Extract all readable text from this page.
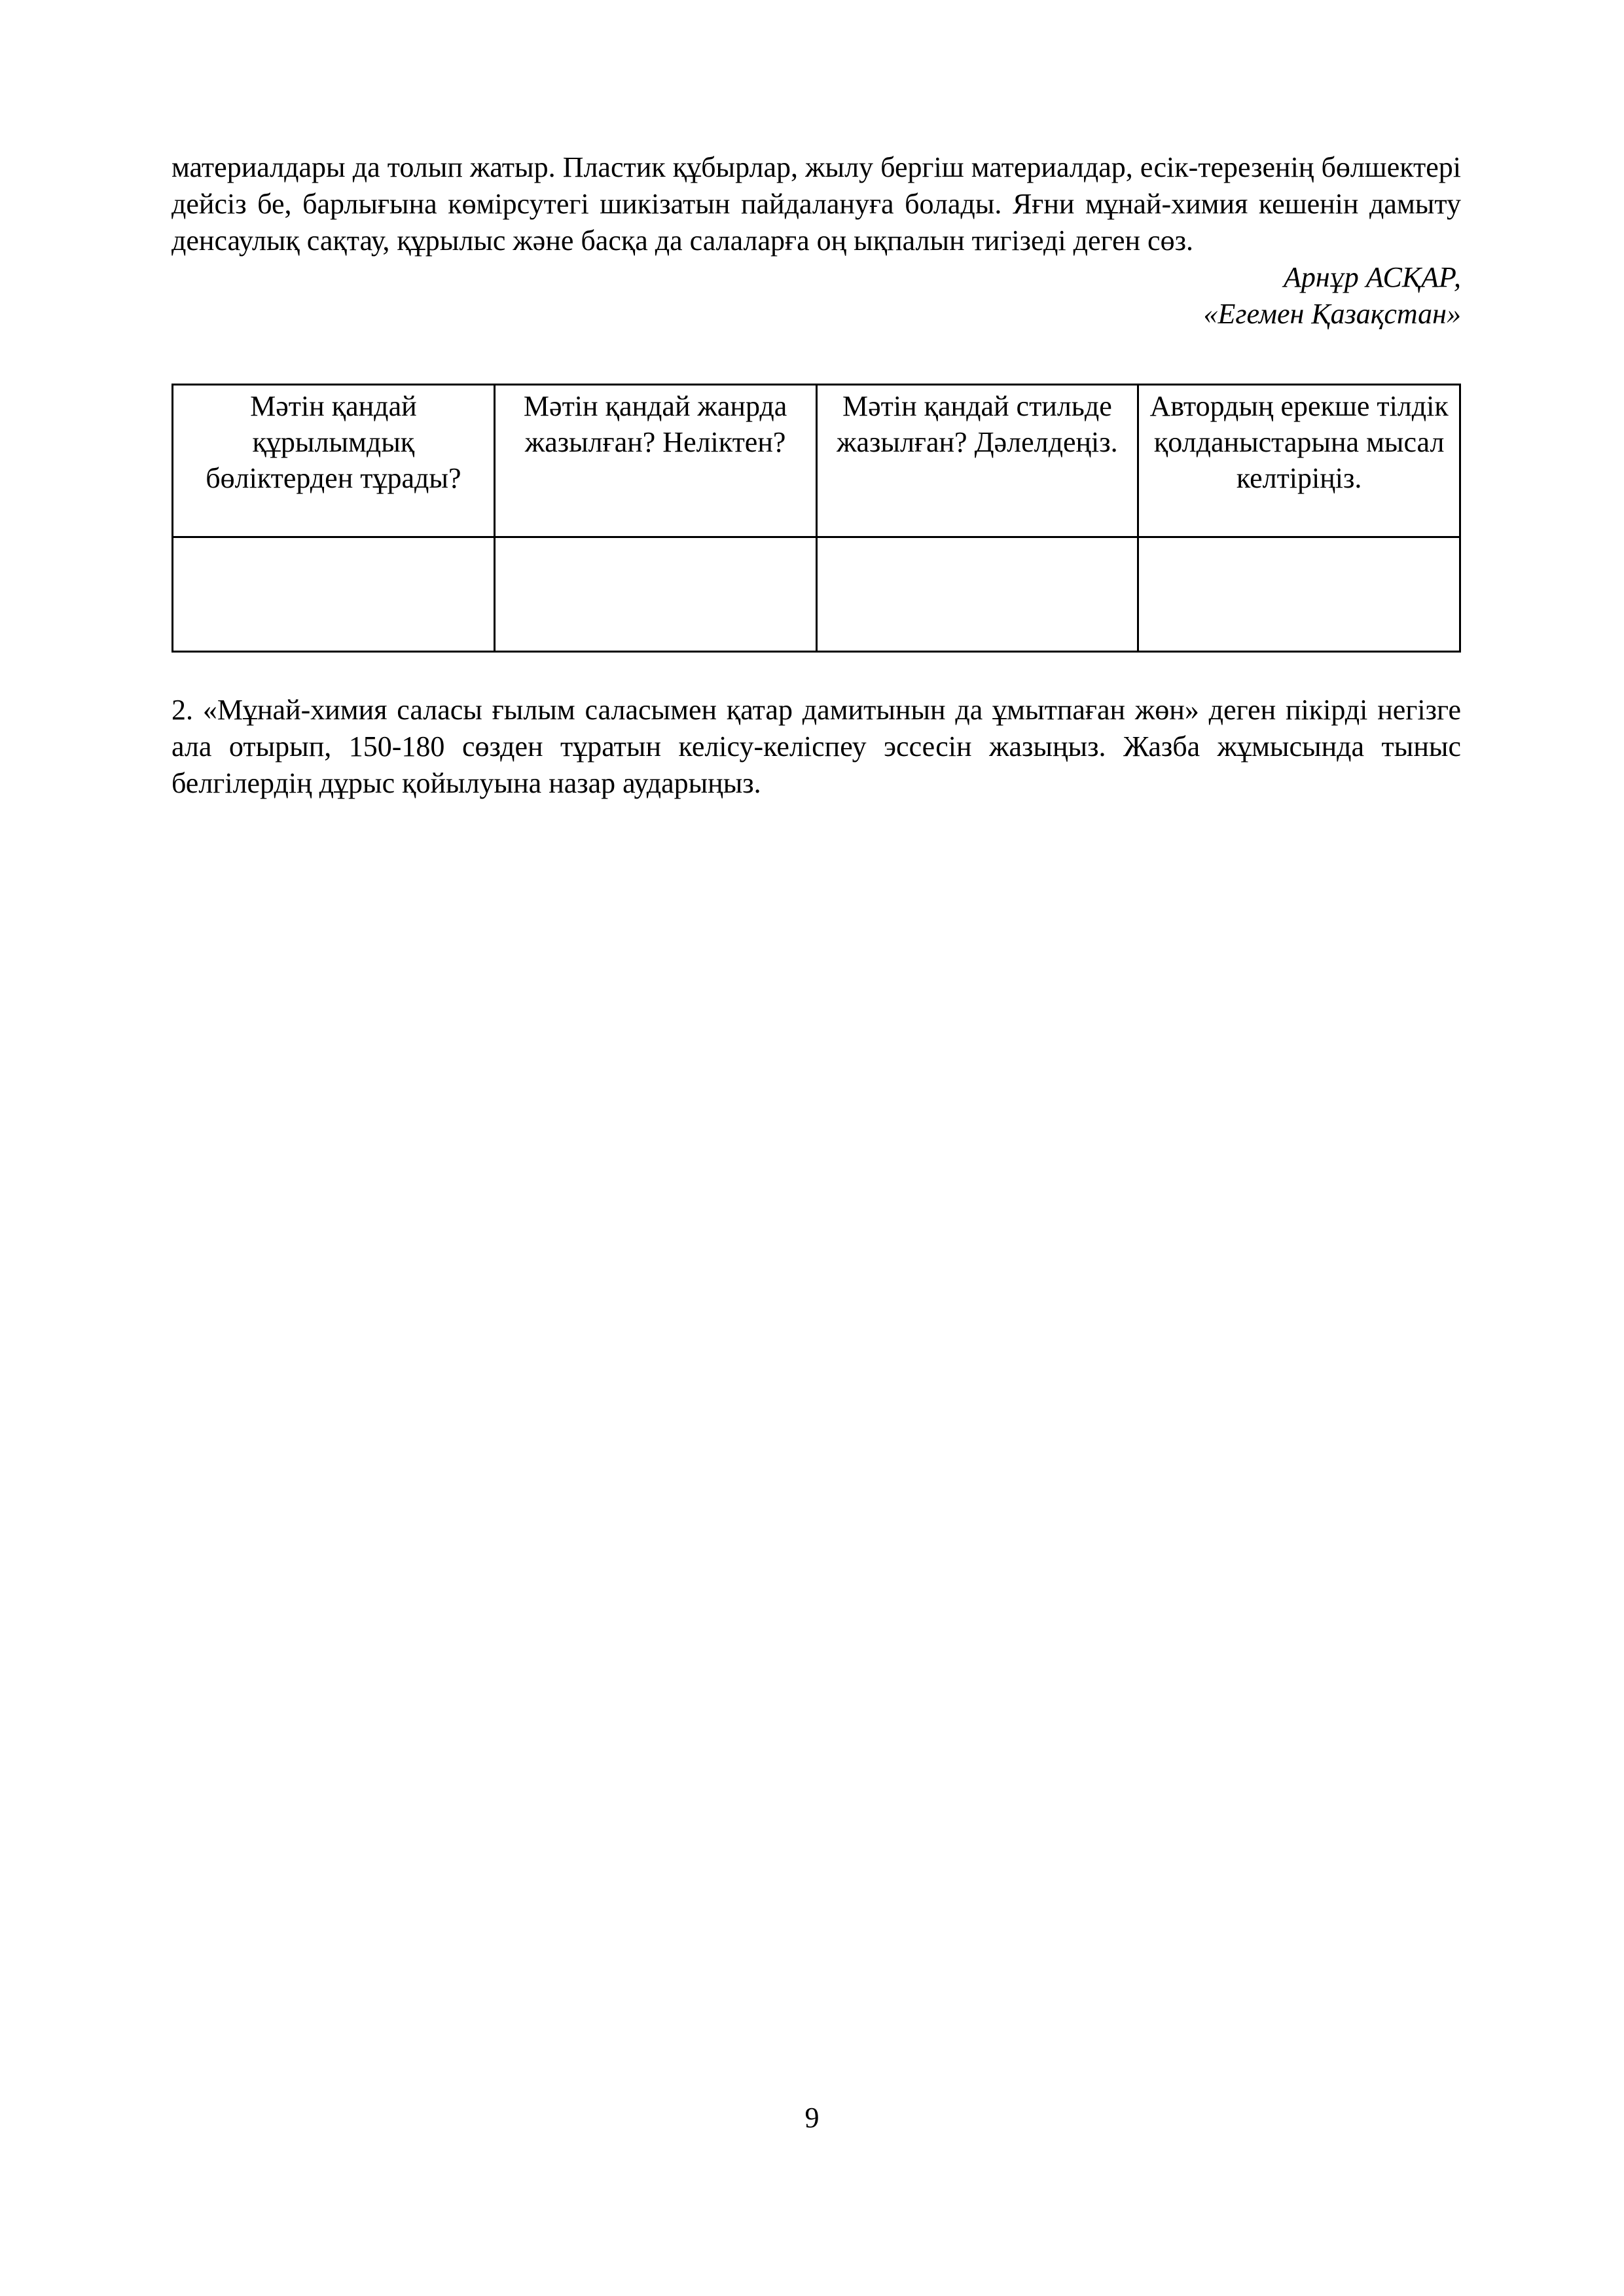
материалдары да толып жатыр. Пластик құбырлар, жылу бергіш материалдар, есік-терезенің бөлшектері дейсіз бе, барлығына көмірсутегі шикізатын пайдалануға болады. Яғни мұнай-химия кешенін дамыту денсаулық сақтау, құрылыс және басқа да салаларға оң ықпалын тигізеді деген сөз.

Арнұр АСҚАР,

«Егемен Қазақстан»

Мәтін қандай құрылымдық бөліктерден тұрады?	Мәтін қандай жанрда жазылған? Неліктен?	Мәтін қандай стильде жазылған? Дәлелдеңіз.	Автордың ерекше тілдік қолданыстарына мысал келтіріңіз.

2. «Мұнай-химия саласы ғылым саласымен қатар дамитынын да ұмытпаған жөн» деген пікірді негізге ала отырып, 150-180 сөзден тұратын келісу-келіспеу эссесін жазыңыз. Жазба жұмысында тыныс белгілердің дұрыс қойылуына назар аударыңыз.

9
